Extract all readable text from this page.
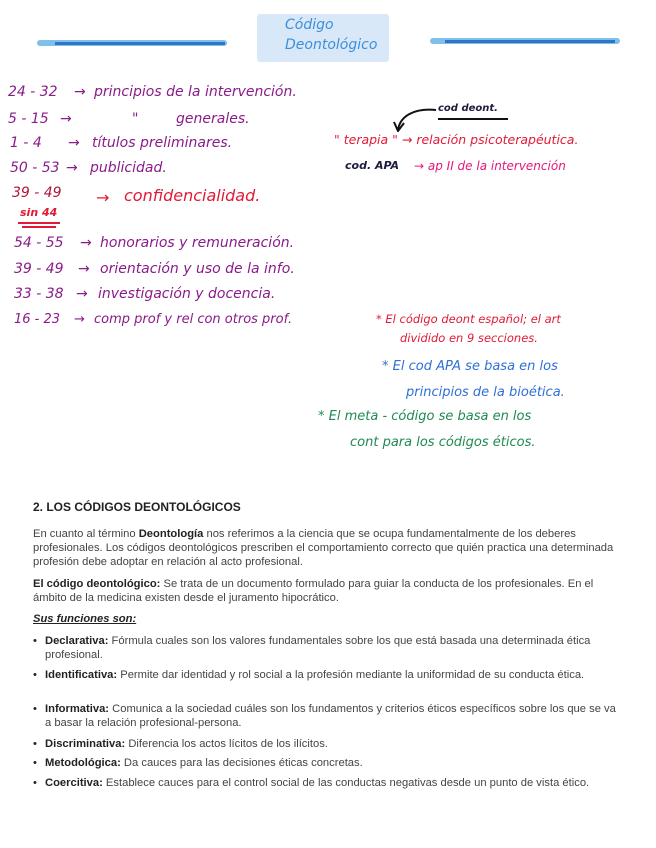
Código
Deontológico
24 - 32 → principios de la intervención.
5 - 15 →	"	generales.
1 - 4 → títulos preliminares.
50 - 53 → publicidad.
39 - 49 → confidencialidad.
sin 44
54 - 55 → honorarios y remuneración.
39 - 49 → orientación y uso de la info.
33 - 38 → investigación y docencia.
16 - 23 → comp prof y rel con otros prof.
cod deont.
" terapia " → relación psicoterapéutica.
cod. APA → ap II de la intervención
* El código deont español; el art
dividido en 9 secciones.
* El cod APA se basa en los
principios de la bioética.
* El meta - código se basa en los
cont para los códigos éticos.
2. LOS CÓDIGOS DEONTOLÓGICOS
En cuanto al término Deontología nos referimos a la ciencia que se ocupa fundamentalmente de los deberes profesionales. Los códigos deontológicos prescriben el comportamiento correcto que quién practica una determinada profesión debe adoptar en relación al acto profesional.
El código deontológico: Se trata de un documento formulado para guiar la conducta de los profesionales. En el ámbito de la medicina existen desde el juramento hipocrático.
Sus funciones son:
• Declarativa: Fórmula cuales son los valores fundamentales sobre los que está basada una determinada ética profesional.
• Identificativa: Permite dar identidad y rol social a la profesión mediante la uniformidad de su conducta ética.
• Informativa: Comunica a la sociedad cuáles son los fundamentos y criterios éticos específicos sobre los que se va a basar la relación profesional-persona.
• Discriminativa: Diferencia los actos lícitos de los ilícitos.
• Metodológica: Da cauces para las decisiones éticas concretas.
• Coercitiva: Establece cauces para el control social de las conductas negativas desde un punto de vista ético.
